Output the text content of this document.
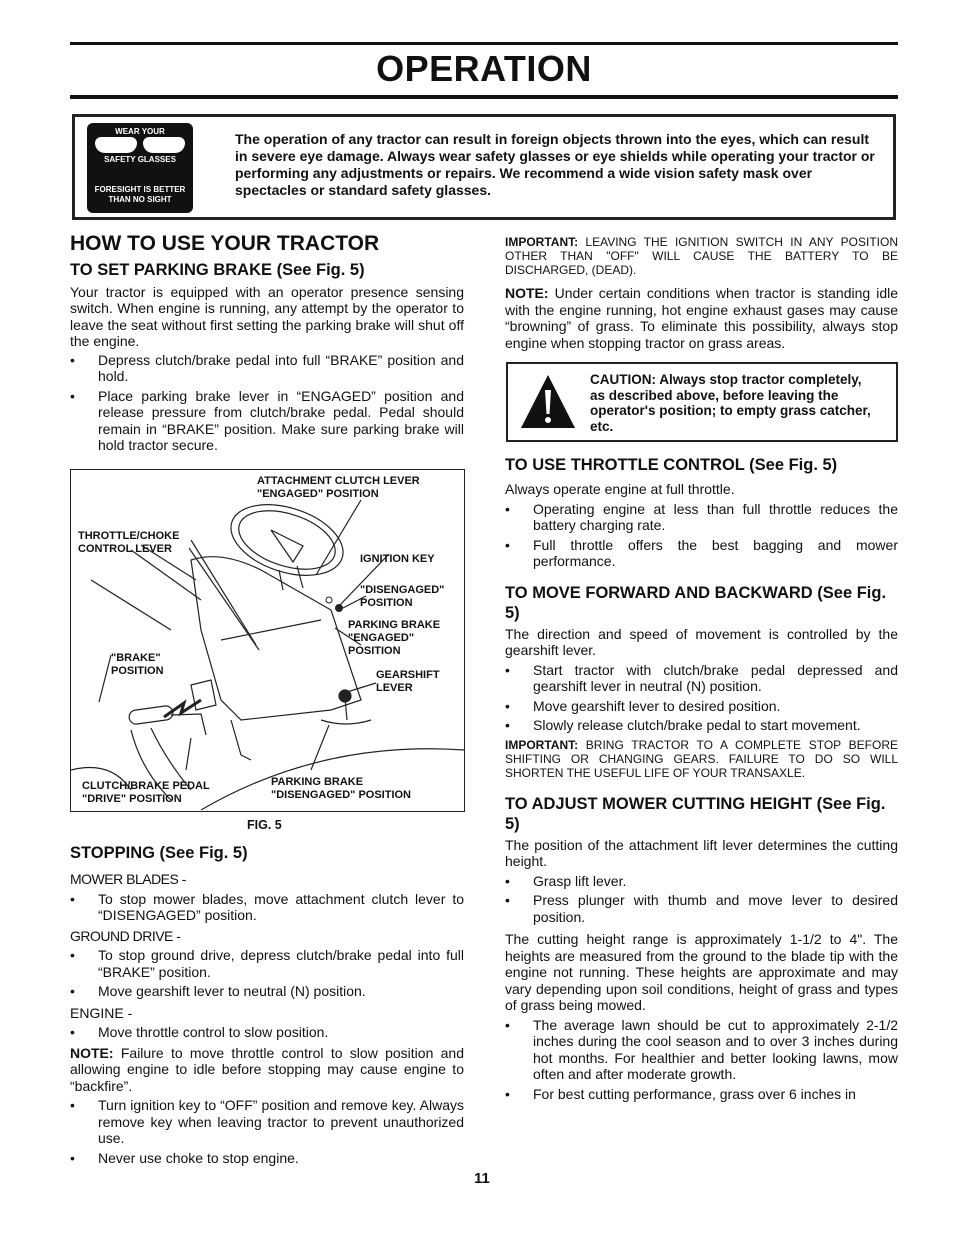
OPERATION
WEAR YOUR
SAFETY GLASSES
FORESIGHT IS BETTER
THAN NO SIGHT
The operation of any tractor can result in foreign objects thrown into the eyes, which can result in severe eye damage. Always wear safety glasses or eye shields while operating your tractor or performing any adjustments or repairs. We recommend a wide vision safety mask over spectacles or standard safety glasses.
HOW TO USE YOUR TRACTOR
TO SET PARKING BRAKE (See Fig. 5)

Your tractor is equipped with an operator presence sensing switch. When engine is running, any attempt by the operator to leave the seat without first setting the parking brake will shut off the engine.

• Depress clutch/brake pedal into full “BRAKE” position and hold.

• Place parking brake lever in “ENGAGED” position and release pressure from clutch/brake pedal. Pedal should remain in “BRAKE” position. Make sure parking brake will hold tractor secure.

ATTACHMENT CLUTCH LEVER
"ENGAGED" POSITION
THROTTLE/CHOKE
CONTROL LEVER
IGNITION KEY
"DISENGAGED"
POSITION
PARKING BRAKE
"ENGAGED"
POSITION
"BRAKE"
POSITION	GEARSHIFT
LEVER
CLUTCH/BRAKE PEDAL
"DRIVE" POSITION
PARKING BRAKE
"DISENGAGED" POSITION
FIG. 5
STOPPING (See Fig. 5)

MOWER BLADES -

• To stop mower blades, move attachment clutch lever to “DISENGAGED” position.

GROUND DRIVE -

• To stop ground drive, depress clutch/brake pedal into full “BRAKE” position.

• Move gearshift lever to neutral (N) position.

ENGINE -

• Move throttle control to slow position.

NOTE: Failure to move throttle control to slow position and allowing engine to idle before stopping may cause engine to “backfire”.

• Turn ignition key to “OFF” position and remove key. Always remove key when leaving tractor to prevent unauthorized use.

• Never use choke to stop engine.

IMPORTANT: LEAVING THE IGNITION SWITCH IN ANY POSITION OTHER THAN "OFF" WILL CAUSE THE BATTERY TO BE DISCHARGED, (DEAD).

NOTE: Under certain conditions when tractor is standing idle with the engine running, hot engine exhaust gases may cause “browning” of grass. To eliminate this possibility, always stop engine when stopping tractor on grass areas.

CAUTION: Always stop tractor completely, as described above, before leaving the operator's position; to empty grass catcher, etc.
TO USE THROTTLE CONTROL (See Fig. 5)

Always operate engine at full throttle.

• Operating engine at less than full throttle reduces the battery charging rate.

• Full throttle offers the best bagging and mower performance.

TO MOVE FORWARD AND BACKWARD (See Fig. 5)

The direction and speed of movement is controlled by the gearshift lever.

• Start tractor with clutch/brake pedal depressed and gearshift lever in neutral (N) position.

• Move gearshift lever to desired position.

• Slowly release clutch/brake pedal to start movement.

IMPORTANT: BRING TRACTOR TO A COMPLETE STOP BEFORE SHIFTING OR CHANGING GEARS. FAILURE TO DO SO WILL SHORTEN THE USEFUL LIFE OF YOUR TRANSAXLE.

TO ADJUST MOWER CUTTING HEIGHT (See Fig. 5)

The position of the attachment lift lever determines the cutting height.

• Grasp lift lever.

• Press plunger with thumb and move lever to desired position.

The cutting height range is approximately 1-1/2 to 4". The heights are measured from the ground to the blade tip with the engine not running. These heights are approximate and may vary depending upon soil conditions, height of grass and types of grass being mowed.

• The average lawn should be cut to approximately 2-1/2 inches during the cool season and to over 3 inches during hot months. For healthier and better looking lawns, mow often and after moderate growth.

• For best cutting performance, grass over 6 inches in

11
